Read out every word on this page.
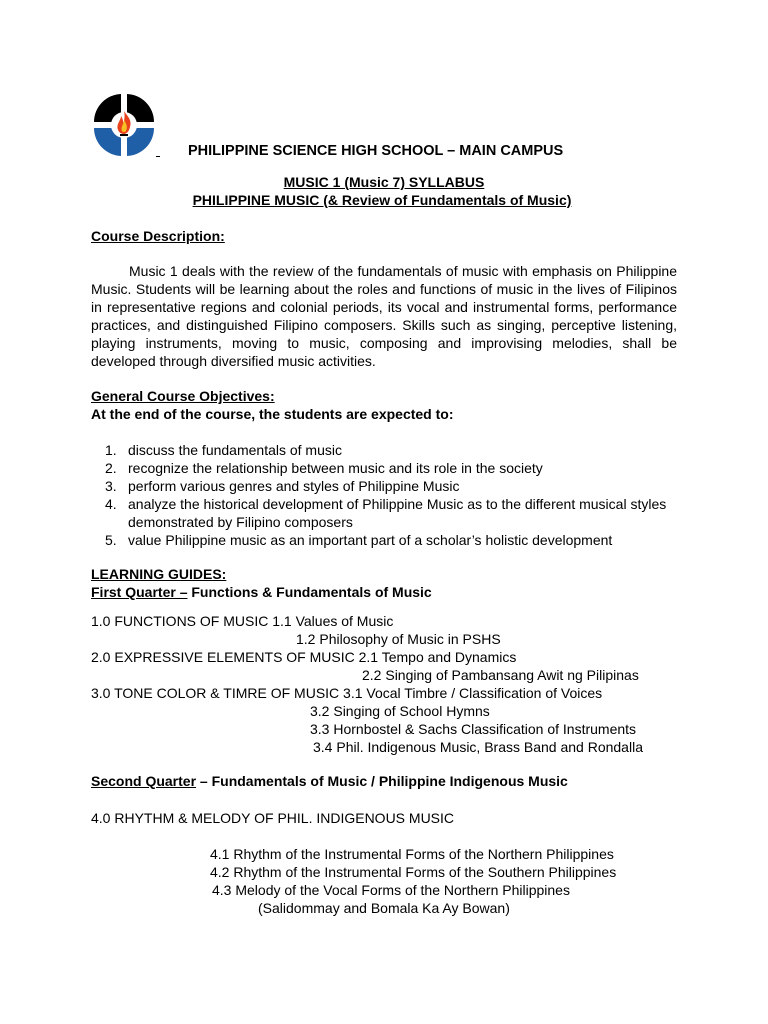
PHILIPPINE SCIENCE HIGH SCHOOL – MAIN CAMPUS
MUSIC 1 (Music 7) SYLLABUS
PHILIPPINE MUSIC (& Review of Fundamentals of Music)
Course Description:

Music 1 deals with the review of the fundamentals of music with emphasis on Philippine Music. Students will be learning about the roles and functions of music in the lives of Filipinos in representative regions and colonial periods, its vocal and instrumental forms, performance practices, and distinguished Filipino composers. Skills such as singing, perceptive listening, playing instruments, moving to music, composing and improvising melodies, shall be developed through diversified music activities.

General Course Objectives:
At the end of the course, the students are expected to:
1. discuss the fundamentals of music
2. recognize the relationship between music and its role in the society
3. perform various genres and styles of Philippine Music
4. analyze the historical development of Philippine Music as to the different musical styles demonstrated by Filipino composers
5. value Philippine music as an important part of a scholar’s holistic development
LEARNING GUIDES:
First Quarter – Functions & Fundamentals of Music
1.0 FUNCTIONS OF MUSIC 1.1 Values of Music
1.2 Philosophy of Music in PSHS
2.0 EXPRESSIVE ELEMENTS OF MUSIC 2.1 Tempo and Dynamics
2.2 Singing of Pambansang Awit ng Pilipinas
3.0 TONE COLOR & TIMRE OF MUSIC 3.1 Vocal Timbre / Classification of Voices
3.2 Singing of School Hymns
3.3 Hornbostel & Sachs Classification of Instruments
3.4 Phil. Indigenous Music, Brass Band and Rondalla
Second Quarter – Fundamentals of Music / Philippine Indigenous Music
4.0 RHYTHM & MELODY OF PHIL. INDIGENOUS MUSIC
4.1 Rhythm of the Instrumental Forms of the Northern Philippines
4.2 Rhythm of the Instrumental Forms of the Southern Philippines
4.3 Melody of the Vocal Forms of the Northern Philippines
(Salidommay and Bomala Ka Ay Bowan)
